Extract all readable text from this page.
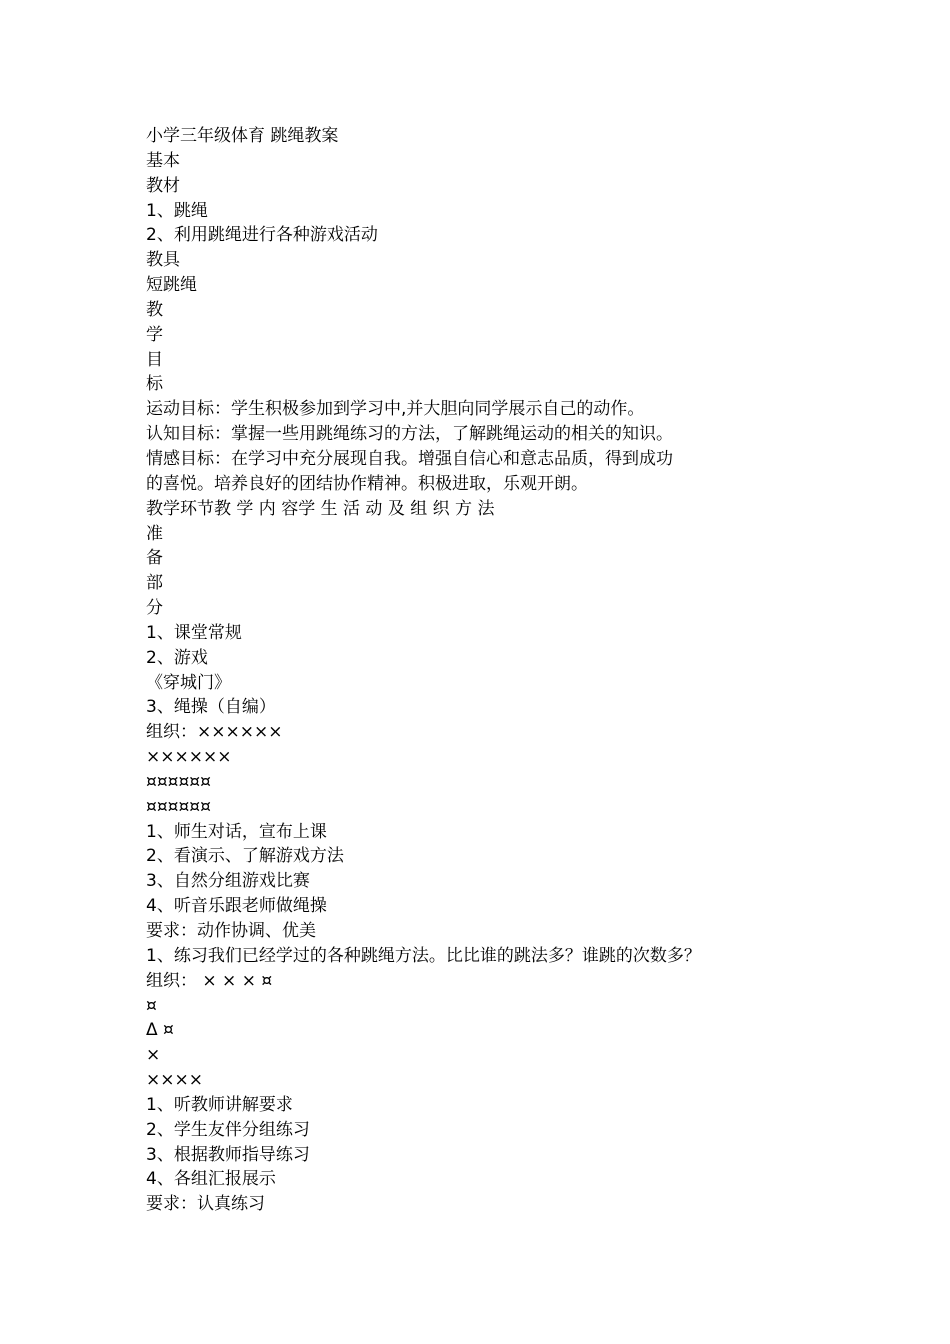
小学三年级体育 跳绳教案
基本
教材
1、跳绳
2、利用跳绳进行各种游戏活动
教具
短跳绳
教
学
目
标
运动目标：学生积极参加到学习中,并大胆向同学展示自己的动作。
认知目标：掌握一些用跳绳练习的方法，了解跳绳运动的相关的知识。
情感目标：在学习中充分展现自我。增强自信心和意志品质，得到成功
的喜悦。培养良好的团结协作精神。积极进取，乐观开朗。
教学环节教 学 内 容学 生 活 动 及 组 织 方 法
准
备
部
分
1、课堂常规
2、游戏
《穿城门》
3、绳操（自编）
组织：××××××
××××××
¤¤¤¤¤¤
¤¤¤¤¤¤
1、师生对话，宣布上课
2、看演示、了解游戏方法
3、自然分组游戏比赛
4、听音乐跟老师做绳操
要求：动作协调、优美
1、练习我们已经学过的各种跳绳方法。比比谁的跳法多？谁跳的次数多？
组织： × × × ¤
¤
Δ ¤
×
××××
1、听教师讲解要求
2、学生友伴分组练习
3、根据教师指导练习
4、各组汇报展示
要求：认真练习
